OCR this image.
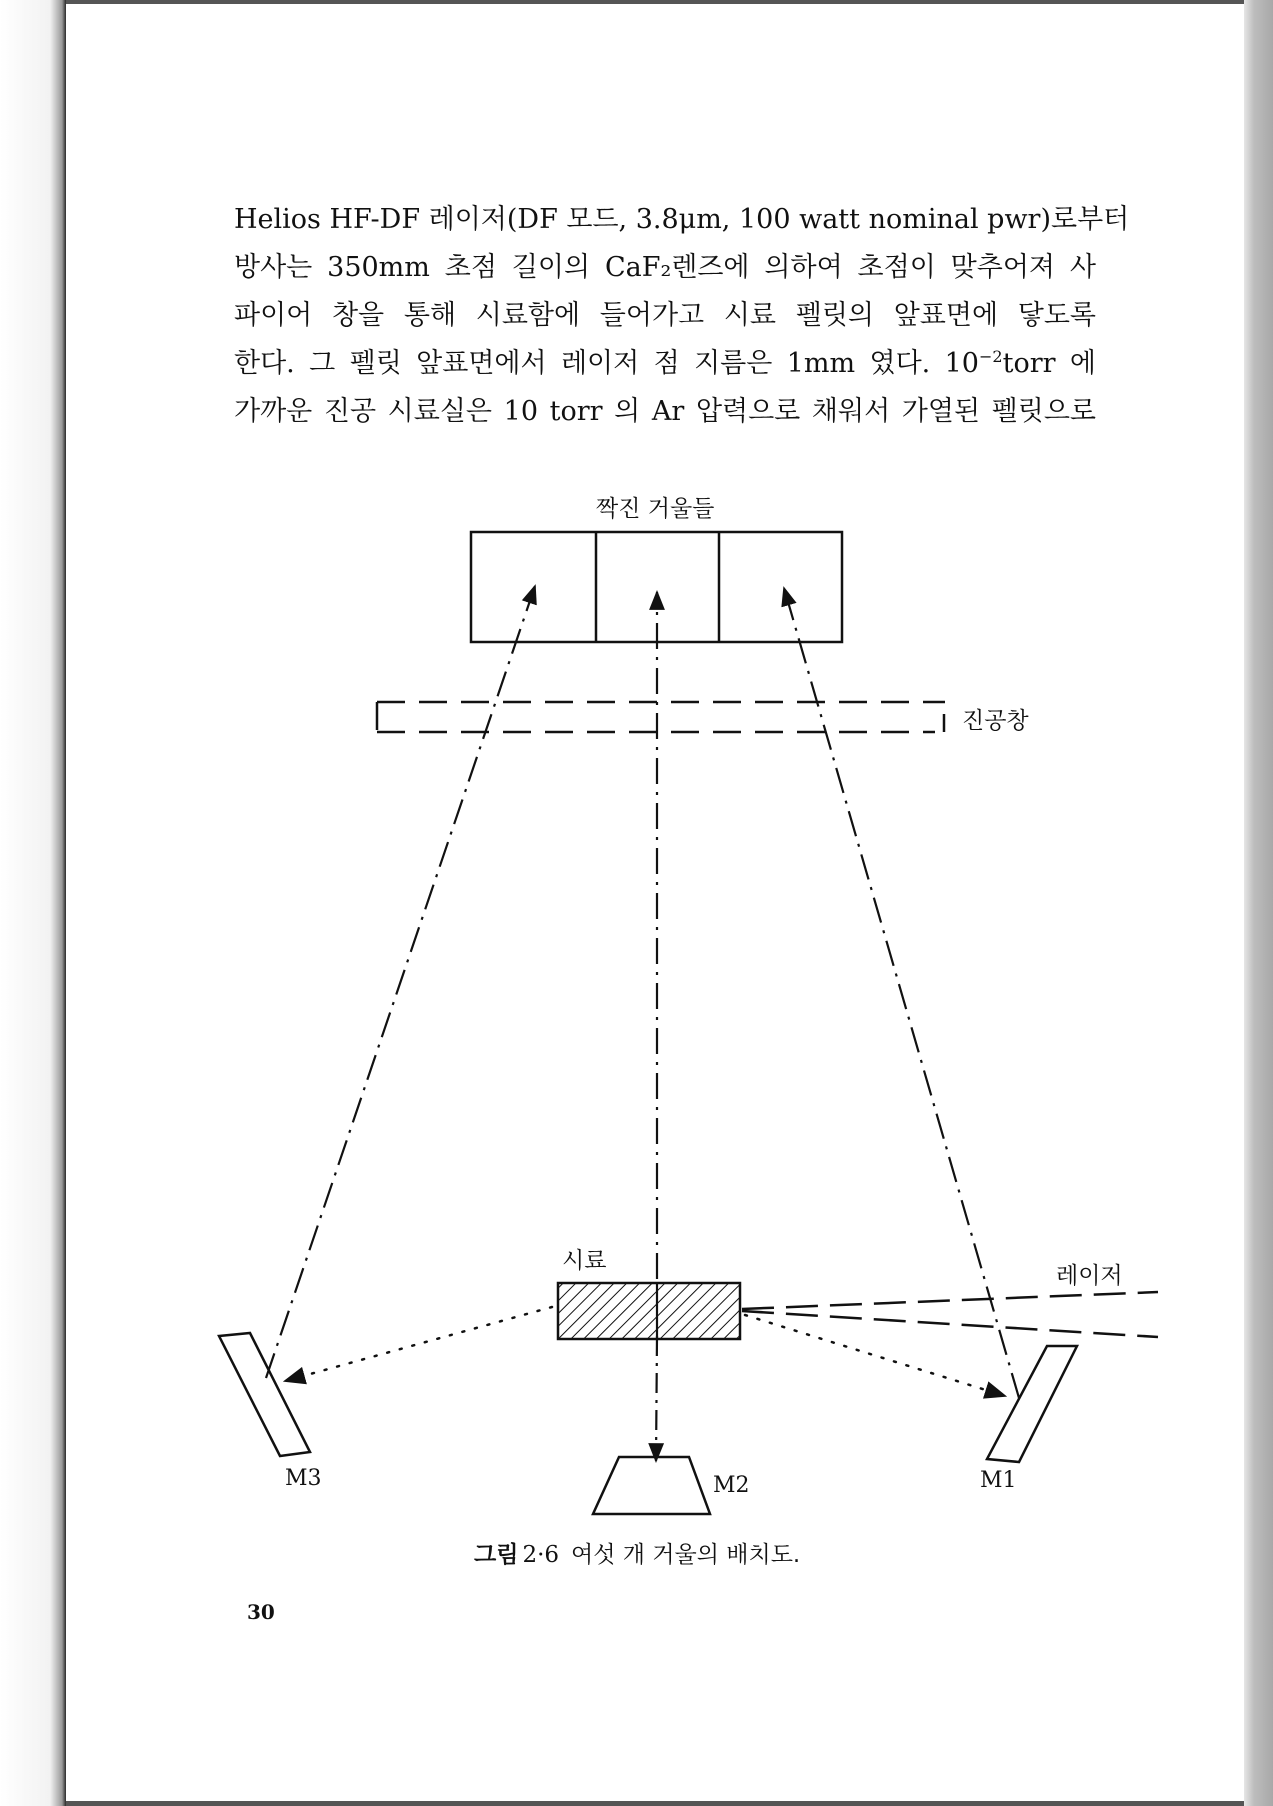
Helios HF-DF 레이저(DF 모드, 3.8μm, 100 watt nominal pwr)로부터
방사는 350mm 초점 길이의 CaF₂렌즈에 의하여 초점이 맞추어져 사
파이어 창을 통해 시료함에 들어가고 시료 펠릿의 앞표면에 닿도록
한다. 그 펠릿 앞표면에서 레이저 점 지름은 1mm 였다. $10^{-2}torr$ 에
가까운 진공 시료실은 10 torr 의 Ar 압력으로 채워서 가열된 펠릿으로
짝진 거울들
진공창
시료
레이저
M3	M2	M1
그림 2·6 여섯 개 거울의 배치도.
30
